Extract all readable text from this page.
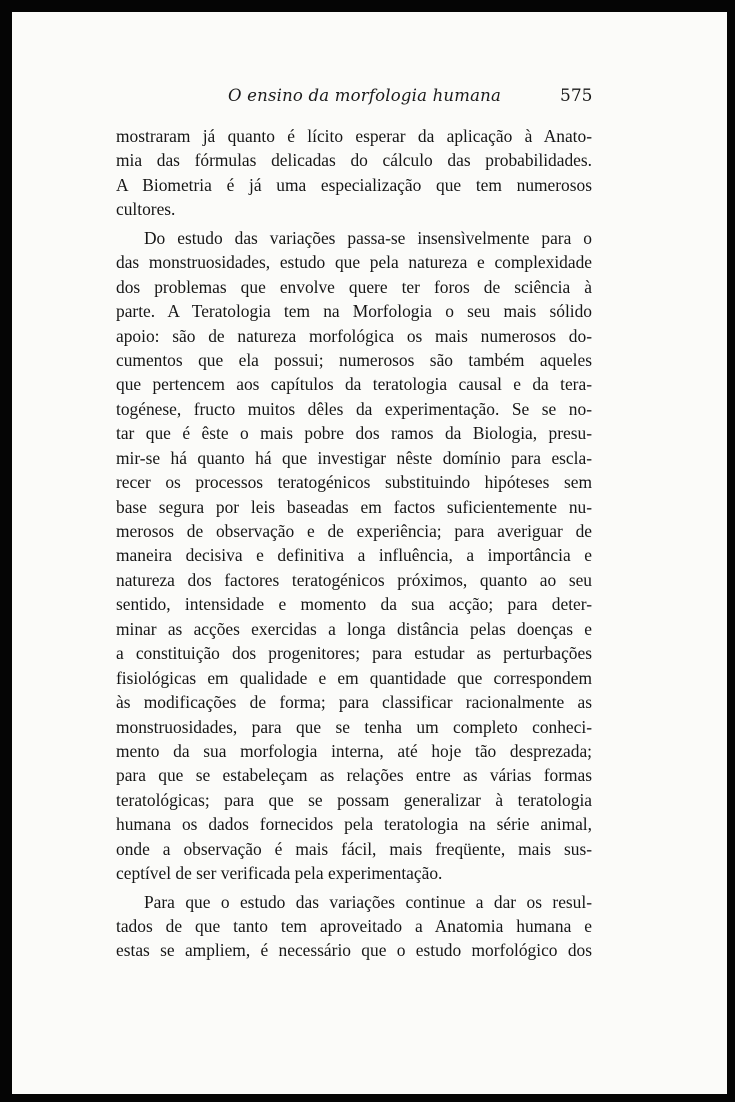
O ensino da morfologia humana	575
mostraram já quanto é lícito esperar da aplicação à Anato-
mia das fórmulas delicadas do cálculo das probabilidades.
A Biometria é já uma especialização que tem numerosos
cultores.
Do estudo das variações passa-se insensìvelmente para o
das monstruosidades, estudo que pela natureza e complexidade
dos problemas que envolve quere ter foros de sciência à
parte. A Teratologia tem na Morfologia o seu mais sólido
apoio: são de natureza morfológica os mais numerosos do-
cumentos que ela possui; numerosos são também aqueles
que pertencem aos capítulos da teratologia causal e da tera-
togénese, fructo muitos dêles da experimentação. Se se no-
tar que é êste o mais pobre dos ramos da Biologia, presu-
mir-se há quanto há que investigar nêste domínio para escla-
recer os processos teratogénicos substituindo hipóteses sem
base segura por leis baseadas em factos suficientemente nu-
merosos de observação e de experiência; para averiguar de
maneira decisiva e definitiva a influência, a importância e
natureza dos factores teratogénicos próximos, quanto ao seu
sentido, intensidade e momento da sua acção; para deter-
minar as acções exercidas a longa distância pelas doenças e
a constituição dos progenitores; para estudar as perturbações
fisiológicas em qualidade e em quantidade que correspondem
às modificações de forma; para classificar racionalmente as
monstruosidades, para que se tenha um completo conheci-
mento da sua morfologia interna, até hoje tão desprezada;
para que se estabeleçam as relações entre as várias formas
teratológicas; para que se possam generalizar à teratologia
humana os dados fornecidos pela teratologia na série animal,
onde a observação é mais fácil, mais freqüente, mais sus-
ceptível de ser verificada pela experimentação.
Para que o estudo das variações continue a dar os resul-
tados de que tanto tem aproveitado a Anatomia humana e
estas se ampliem, é necessário que o estudo morfológico dos
